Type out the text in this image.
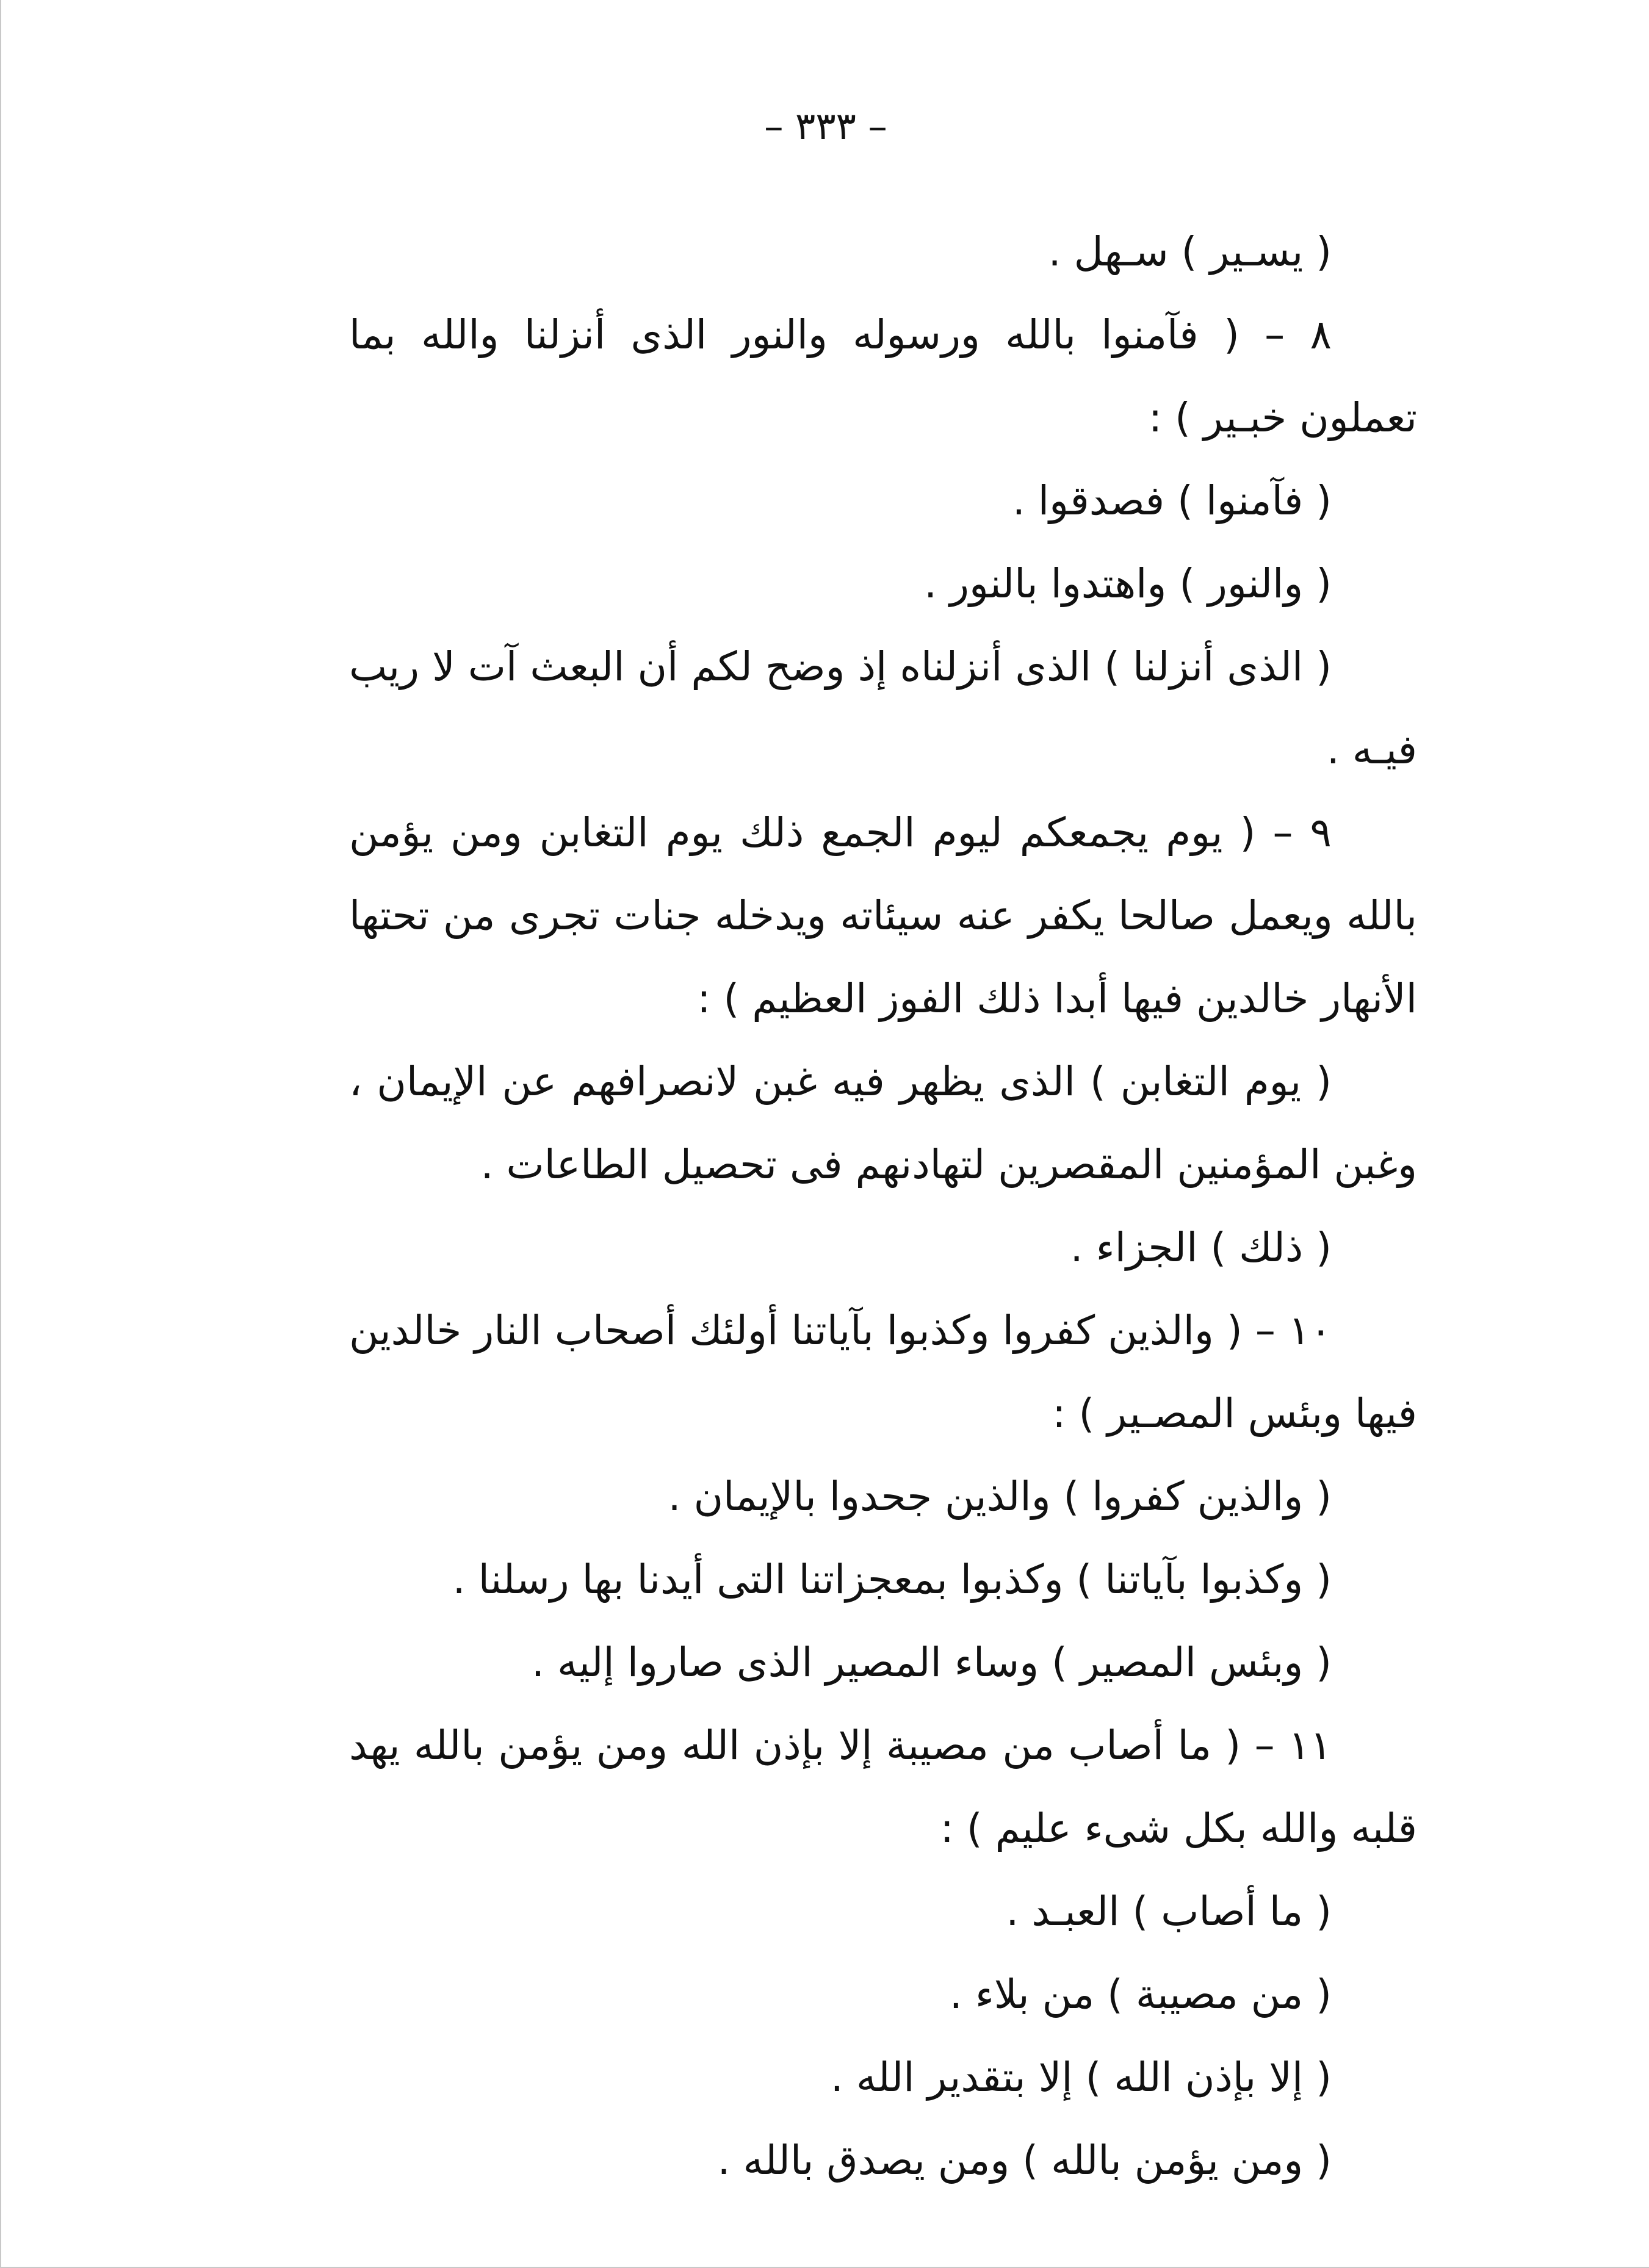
– ٣٣٣ –

( يسـير ) سـهل .

٨ – ( فآمنوا بالله ورسوله والنور الذى أنزلنا والله بما تعملون خبـير ) :

( فآمنوا ) فصدقوا .

( والنور ) واهتدوا بالنور .

( الذى أنزلنا ) الذى أنزلناه إذ وضح لكم أن البعث آت لا ريب فيـه .

٩ – ( يوم يجمعكم ليوم الجمع ذلك يوم التغابن ومن يؤمن بالله ويعمل صالحا يكفر عنه سيئاته ويدخله جنات تجرى من تحتها الأنهار خالدين فيها أبدا ذلك الفوز العظيم ) :

( يوم التغابن ) الذى يظهر فيه غبن لانصرافهم عن الإيمان ، وغبن المؤمنين المقصرين لتهادنهم فى تحصيل الطاعات .

( ذلك ) الجزاء .

١٠ – ( والذين كفروا وكذبوا بآياتنا أولئك أصحاب النار خالدين فيها وبئس المصـير ) :

( والذين كفروا ) والذين جحدوا بالإيمان .

( وكذبوا بآياتنا ) وكذبوا بمعجزاتنا التى أيدنا بها رسلنا .

( وبئس المصير ) وساء المصير الذى صاروا إليه .

١١ – ( ما أصاب من مصيبة إلا بإذن الله ومن يؤمن بالله يهد قلبه والله بكل شىء عليم ) :

( ما أصاب ) العبـد .

( من مصيبة ) من بلاء .

( إلا بإذن الله ) إلا بتقدير الله .

( ومن يؤمن بالله ) ومن يصدق بالله .
